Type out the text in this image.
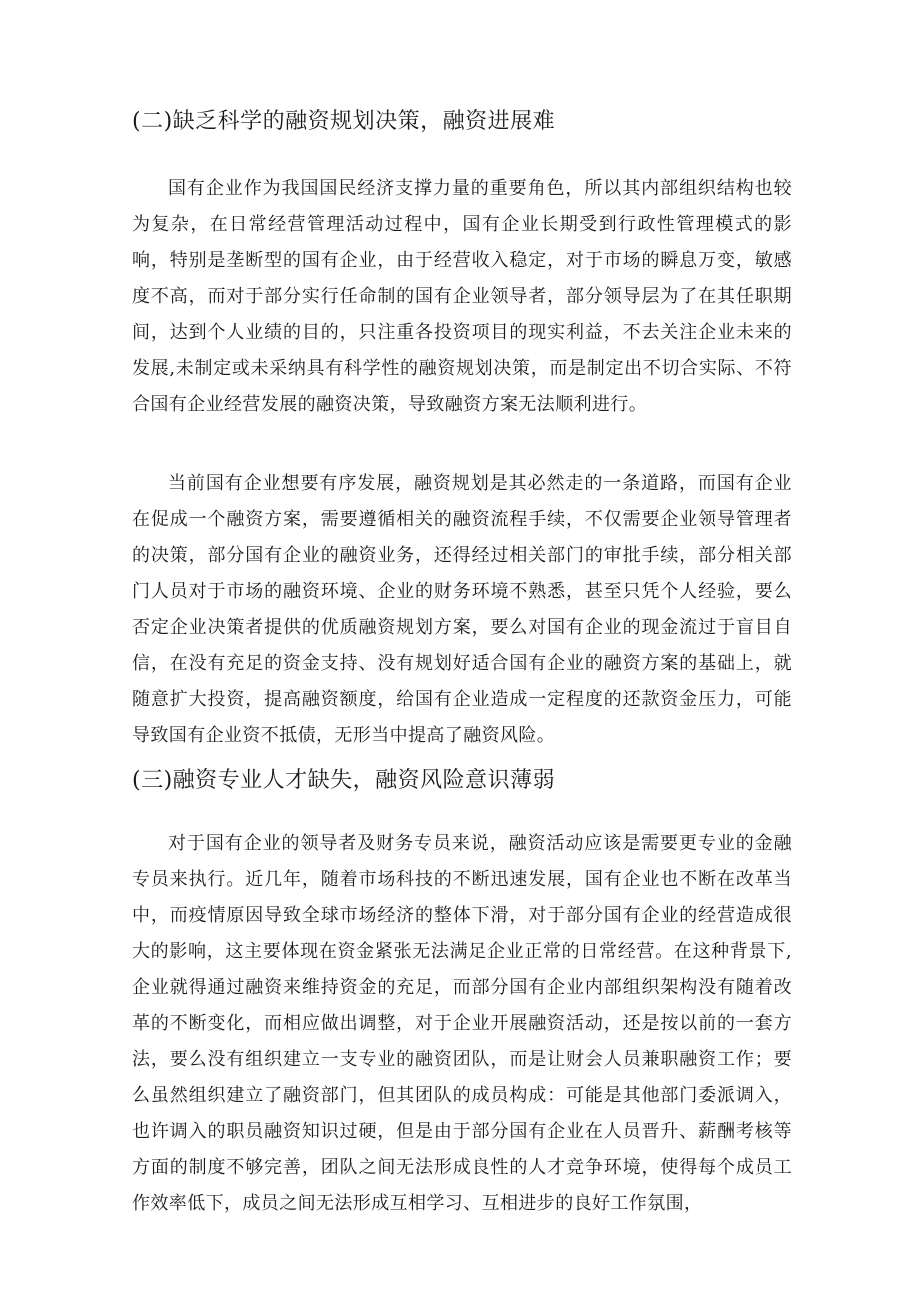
(二)缺乏科学的融资规划决策，融资进展难

国有企业作为我国国民经济支撑力量的重要角色，所以其内部组织结构也较为复杂，在日常经营管理活动过程中，国有企业长期受到行政性管理模式的影响，特别是垄断型的国有企业，由于经营收入稳定，对于市场的瞬息万变，敏感度不高，而对于部分实行任命制的国有企业领导者，部分领导层为了在其任职期间，达到个人业绩的目的，只注重各投资项目的现实利益，不去关注企业未来的发展,未制定或未采纳具有科学性的融资规划决策，而是制定出不切合实际、不符合国有企业经营发展的融资决策，导致融资方案无法顺利进行。

当前国有企业想要有序发展，融资规划是其必然走的一条道路，而国有企业在促成一个融资方案，需要遵循相关的融资流程手续，不仅需要企业领导管理者的决策，部分国有企业的融资业务，还得经过相关部门的审批手续，部分相关部门人员对于市场的融资环境、企业的财务环境不熟悉，甚至只凭个人经验，要么否定企业决策者提供的优质融资规划方案，要么对国有企业的现金流过于盲目自信，在没有充足的资金支持、没有规划好适合国有企业的融资方案的基础上，就随意扩大投资，提高融资额度，给国有企业造成一定程度的还款资金压力，可能导致国有企业资不抵债，无形当中提高了融资风险。

(三)融资专业人才缺失，融资风险意识薄弱

对于国有企业的领导者及财务专员来说，融资活动应该是需要更专业的金融专员来执行。近几年，随着市场科技的不断迅速发展，国有企业也不断在改革当中，而疫情原因导致全球市场经济的整体下滑，对于部分国有企业的经营造成很大的影响，这主要体现在资金紧张无法满足企业正常的日常经营。在这种背景下,企业就得通过融资来维持资金的充足，而部分国有企业内部组织架构没有随着改革的不断变化，而相应做出调整，对于企业开展融资活动，还是按以前的一套方法，要么没有组织建立一支专业的融资团队，而是让财会人员兼职融资工作；要么虽然组织建立了融资部门，但其团队的成员构成：可能是其他部门委派调入，也许调入的职员融资知识过硬，但是由于部分国有企业在人员晋升、薪酬考核等方面的制度不够完善，团队之间无法形成良性的人才竞争环境，使得每个成员工作效率低下，成员之间无法形成互相学习、互相进步的良好工作氛围，
